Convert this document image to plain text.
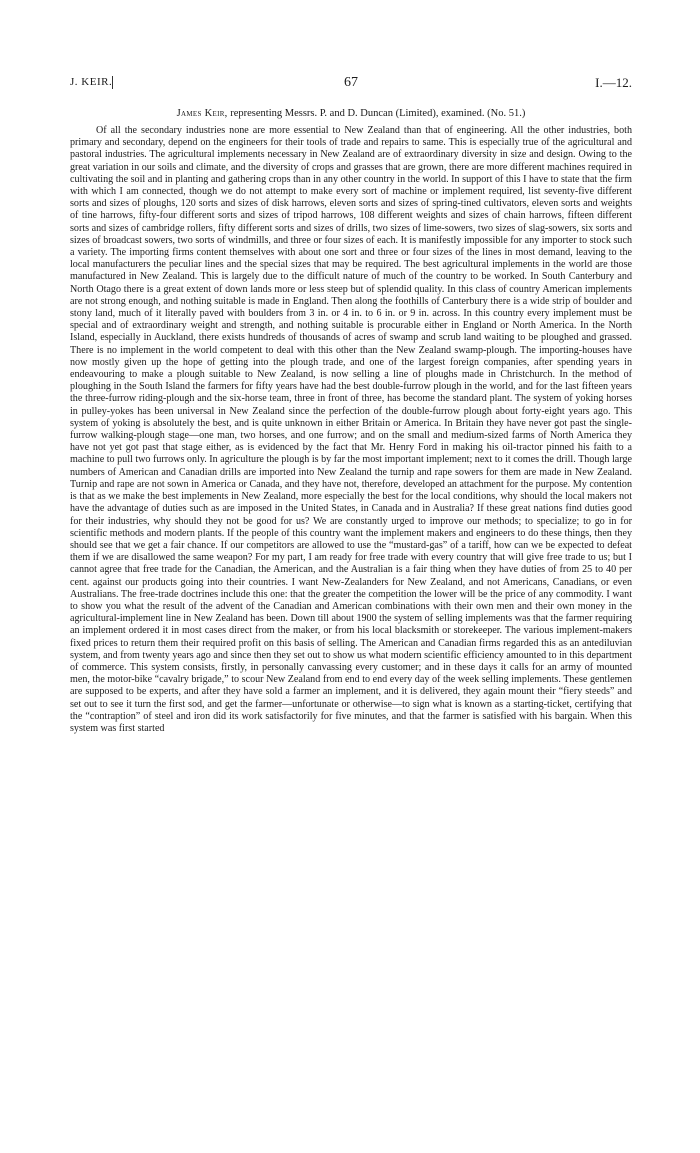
J. KEIR.	67	I.—12.
James Keir, representing Messrs. P. and D. Duncan (Limited), examined. (No. 51.)

Of all the secondary industries none are more essential to New Zealand than that of engineering. All the other industries, both primary and secondary, depend on the engineers for their tools of trade and repairs to same. This is especially true of the agricultural and pastoral industries. The agricultural implements necessary in New Zealand are of extraordinary diversity in size and design. Owing to the great variation in our soils and climate, and the diversity of crops and grasses that are grown, there are more different machines required in cultivating the soil and in planting and gathering crops than in any other country in the world. In support of this I have to state that the firm with which I am connected, though we do not attempt to make every sort of machine or implement required, list seventy-five different sorts and sizes of ploughs, 120 sorts and sizes of disk harrows, eleven sorts and sizes of spring-tined cultivators, eleven sorts and weights of tine harrows, fifty-four different sorts and sizes of tripod harrows, 108 different weights and sizes of chain harrows, fifteen different sorts and sizes of cambridge rollers, fifty different sorts and sizes of drills, two sizes of lime-sowers, two sizes of slag-sowers, six sorts and sizes of broadcast sowers, two sorts of windmills, and three or four sizes of each. It is manifestly impossible for any importer to stock such a variety. The importing firms content themselves with about one sort and three or four sizes of the lines in most demand, leaving to the local manufacturers the peculiar lines and the special sizes that may be required. The best agricultural implements in the world are those manufactured in New Zealand. This is largely due to the difficult nature of much of the country to be worked. In South Canterbury and North Otago there is a great extent of down lands more or less steep but of splendid quality. In this class of country American implements are not strong enough, and nothing suitable is made in England. Then along the foothills of Canterbury there is a wide strip of boulder and stony land, much of it literally paved with boulders from 3 in. or 4 in. to 6 in. or 9 in. across. In this country every implement must be special and of extraordinary weight and strength, and nothing suitable is procurable either in England or North America. In the North Island, especially in Auckland, there exists hundreds of thousands of acres of swamp and scrub land waiting to be ploughed and grassed. There is no implement in the world competent to deal with this other than the New Zealand swamp-plough. The importing-houses have now mostly given up the hope of getting into the plough trade, and one of the largest foreign companies, after spending years in endeavouring to make a plough suitable to New Zealand, is now selling a line of ploughs made in Christchurch. In the method of ploughing in the South Island the farmers for fifty years have had the best double-furrow plough in the world, and for the last fifteen years the three-furrow riding-plough and the six-horse team, three in front of three, has become the standard plant. The system of yoking horses in pulley-yokes has been universal in New Zealand since the perfection of the double-furrow plough about forty-eight years ago. This system of yoking is absolutely the best, and is quite unknown in either Britain or America. In Britain they have never got past the single-furrow walking-plough stage—one man, two horses, and one furrow; and on the small and medium-sized farms of North America they have not yet got past that stage either, as is evidenced by the fact that Mr. Henry Ford in making his oil-tractor pinned his faith to a machine to pull two furrows only. In agriculture the plough is by far the most important implement; next to it comes the drill. Though large numbers of American and Canadian drills are imported into New Zealand the turnip and rape sowers for them are made in New Zealand. Turnip and rape are not sown in America or Canada, and they have not, therefore, developed an attachment for the purpose. My contention is that as we make the best implements in New Zealand, more especially the best for the local conditions, why should the local makers not have the advantage of duties such as are imposed in the United States, in Canada and in Australia? If these great nations find duties good for their industries, why should they not be good for us? We are constantly urged to improve our methods; to specialize; to go in for scientific methods and modern plants. If the people of this country want the implement makers and engineers to do these things, then they should see that we get a fair chance. If our competitors are allowed to use the “mustard-gas” of a tariff, how can we be expected to defeat them if we are disallowed the same weapon? For my part, I am ready for free trade with every country that will give free trade to us; but I cannot agree that free trade for the Canadian, the American, and the Australian is a fair thing when they have duties of from 25 to 40 per cent. against our products going into their countries. I want New-Zealanders for New Zealand, and not Americans, Canadians, or even Australians. The free-trade doctrines include this one: that the greater the competition the lower will be the price of any commodity. I want to show you what the result of the advent of the Canadian and American combinations with their own men and their own money in the agricultural-implement line in New Zealand has been. Down till about 1900 the system of selling implements was that the farmer requiring an implement ordered it in most cases direct from the maker, or from his local blacksmith or storekeeper. The various implement-makers fixed prices to return them their required profit on this basis of selling. The American and Canadian firms regarded this as an antediluvian system, and from twenty years ago and since then they set out to show us what modern scientific efficiency amounted to in this department of commerce. This system consists, firstly, in personally canvassing every customer; and in these days it calls for an army of mounted men, the motor-bike “cavalry brigade,” to scour New Zealand from end to end every day of the week selling implements. These gentlemen are supposed to be experts, and after they have sold a farmer an implement, and it is delivered, they again mount their “fiery steeds” and set out to see it turn the first sod, and get the farmer—unfortunate or otherwise—to sign what is known as a starting-ticket, certifying that the “contraption” of steel and iron did its work satisfactorily for five minutes, and that the farmer is satisfied with his bargain. When this system was first started
